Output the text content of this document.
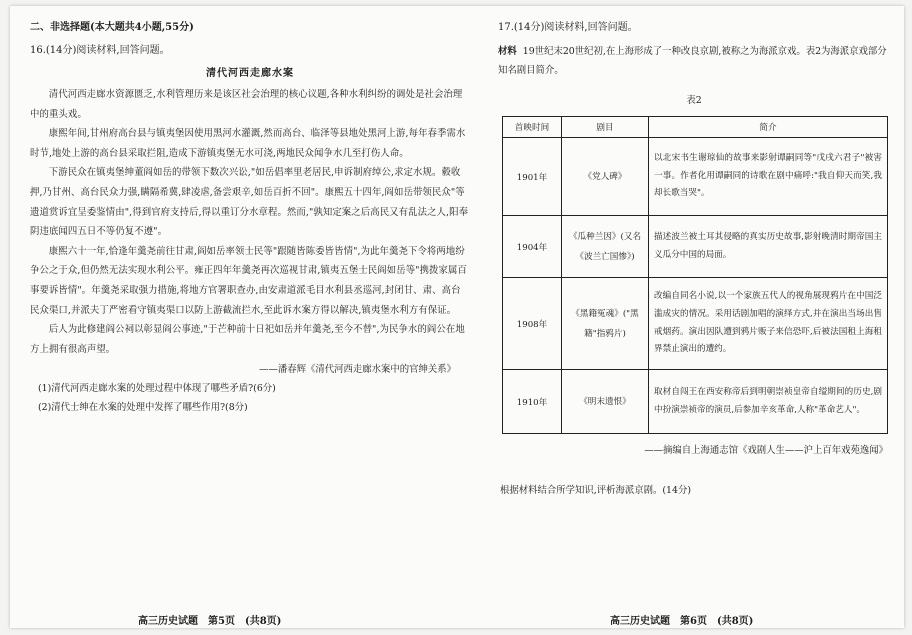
二、非选择题(本大题共4小题,55分)

16.(14分)阅读材料,回答问题。

清代河西走廊水案

清代河西走廊水资源匮乏,水利管理历来是该区社会治理的核心议题,各种水利纠纷的调处是社会治理中的重头戏。

康熙年间,甘州府高台县与镇夷堡因使用黑河水灌溉,然而高台、临泽等县地处黑河上游,每年春季需水时节,地处上游的高台县采取拦阻,造成下游镇夷堡无水可浇,两地民众闻争水几至打伤人命。

下游民众在镇夷堡绅董阎如岳的带领下数次兴讼,"如岳倡率里老居民,申诉制府绰公,求定水规。縠收押,乃甘州、高台民众力强,瞒隔希冀,肆凌虐,备尝艰辛,如岳百折不回"。康熙五十四年,阎如岳带领民众"等遗道赏诉宜呈委鉴情由",得到官府支持后,得以重订分水章程。然而,"孰知定案之后高民又有乱法之人,阳奉阴违底闻四五日不等仍复不遵"。

康熙六十一年,恰逢年羹尧前往甘肃,阎如岳率领士民等"跟随皆陈委皆皆情",为此年羹尧下令将两地纷争公之于众,但仍然无法实现水利公平。雍正四年年羹尧再次巡视甘肃,镇夷五堡士民阎如岳等"携拨家属百事要诉皆情"。年羹尧采取强力措施,将地方官署职查办,由安肃道派毛目水利县丞巡河,封闭甘、肃、高台民众渠口,并派夫丁严密看守镇夷渠口以防上游截流拦水,至此诉水案方得以解决,镇夷堡水利方有保证。

后人为此修建阎公祠以彰显阎公事迹,"于芒种前十日祀如岳并年羹尧,至今不替",为民争水的阎公在地方上拥有很高声望。

——潘春辉《清代河西走廊水案中的官绅关系》

(1)清代河西走廊水案的处理过程中体现了哪些矛盾?(6分)

(2)清代士绅在水案的处理中发挥了哪些作用?(8分)

17.(14分)阅读材料,回答问题。

材料 19世纪末20世纪初,在上海形成了一种改良京剧,被称之为海派京戏。表2为海派京戏部分知名剧目简介。

表2

首映时间	剧目	简介
1901年	《党人碑》	以北宋书生谢琼仙的故事来影射谭嗣同等"戊戌六君子"被害一事。作者化用谭嗣同的诗歌在剧中痛呼:"我自仰天而笑,我却长歌当哭"。
1904年	《瓜种兰因》(又名《波兰亡国惨》)	描述波兰被土耳其侵略的真实历史故事,影射晚清时期帝国主义瓜分中国的局面。
1908年	《黑籍冤魂》("黑籍"指鸦片)	改编自同名小说,以一个家族五代人的视角展现鸦片在中国泛滥成灾的情况。采用话剧加唱的演绎方式,并在演出当场出售戒烟药。演出因队遭到鸦片贩子来信恐吓,后被法国租上海租界禁止演出的遭约。
1910年	《明末遗恨》	取材自闯王在西安称帝后到明朝崇祯皇帝自缢期间的历史,剧中扮演崇祯帝的演员,后参加辛亥革命,人称"革命艺人"。

——摘编自上海通志馆《戏剧人生——沪上百年戏苑逸闻》

根据材料结合所学知识,评析海派京剧。(14分)

高三历史试题　第5页　(共8页)	高三历史试题　第6页　(共8页)
